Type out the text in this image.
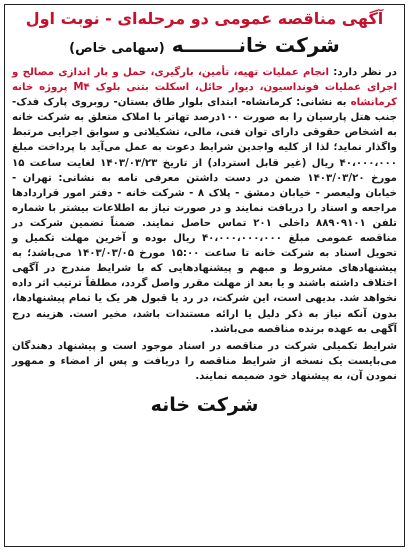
آگهی مناقصه عمومی دو مرحله‌ای - نوبت اول

شرکت خانــــــــه (سهامی خاص)

در نظر دارد: انجام عملیات تهیه، تأمین، بارگیری، حمل و بار اندازی مصالح و اجرای عملیات فونداسیون، دیوار حائل، اسکلت بتنی بلوک M۴ پروژه خانه کرمانشاه به نشانی: کرمانشاه- ابتدای بلوار طاق بستان- روبروی پارک فدک- جنب هتل پارسیان را به صورت ۱۰۰درصد تهاتر با املاک متعلق به شرکت خانه به اشخاص حقوقی دارای توان فنی، مالی، تشکیلاتی و سوابق اجرایی مرتبط واگذار نماید؛ لذا از کلیه واجدین شرایط دعوت به عمل می‌آید با پرداخت مبلغ ۴۰،۰۰۰،۰۰۰ ریال (غیر قابل استرداد) از تاریخ ۱۴۰۳/۰۳/۲۳ لغایت ساعت ۱۵ مورخ ۱۴۰۳/۰۳/۲۰ ضمن در دست داشتن معرفی نامه به نشانی: تهران - خیابان ولیعصر - خیابان دمشق - پلاک ۸ - شرکت خانه - دفتر امور قراردادها مراجعه و اسناد را دریافت نمایند و در صورت نیاز به اطلاعات بیشتر با شماره تلفن ۸۸۹۰۹۱۰۱ داخلی ۲۰۱ تماس حاصل نمایند. ضمناً تضمین شرکت در مناقصه عمومی مبلغ ۴۰،۰۰۰،۰۰۰،۰۰۰ ریال بوده و آخرین مهلت تکمیل و تحویل اسناد به شرکت خانه تا ساعت ۱۵:۰۰ مورخ ۱۴۰۳/۰۳/۰۵ می‌باشد؛ به پیشنهادهای مشروط و مبهم و پیشنهادهایی که با شرایط مندرج در آگهی اختلاف داشته باشند و یا بعد از مهلت مقرر واصل گردد، مطلقاً ترتیب اثر داده نخواهد شد. بدیهی است، این شرکت، در رد یا قبول هر یک یا تمام پیشنهادها، بدون آنکه نیاز به ذکر دلیل یا ارائه مستندات باشد، مخیر است. هزینه درج آگهی به عهده برنده مناقصه می‌باشد.

شرایط تکمیلی شرکت در مناقصه در اسناد موجود است و پیشنهاد دهندگان می‌بایست یک نسخه از شرایط مناقصه را دریافت و پس از امضاء و ممهور نمودن آن، به پیشنهاد خود ضمیمه نمایند.

شرکت خانه
